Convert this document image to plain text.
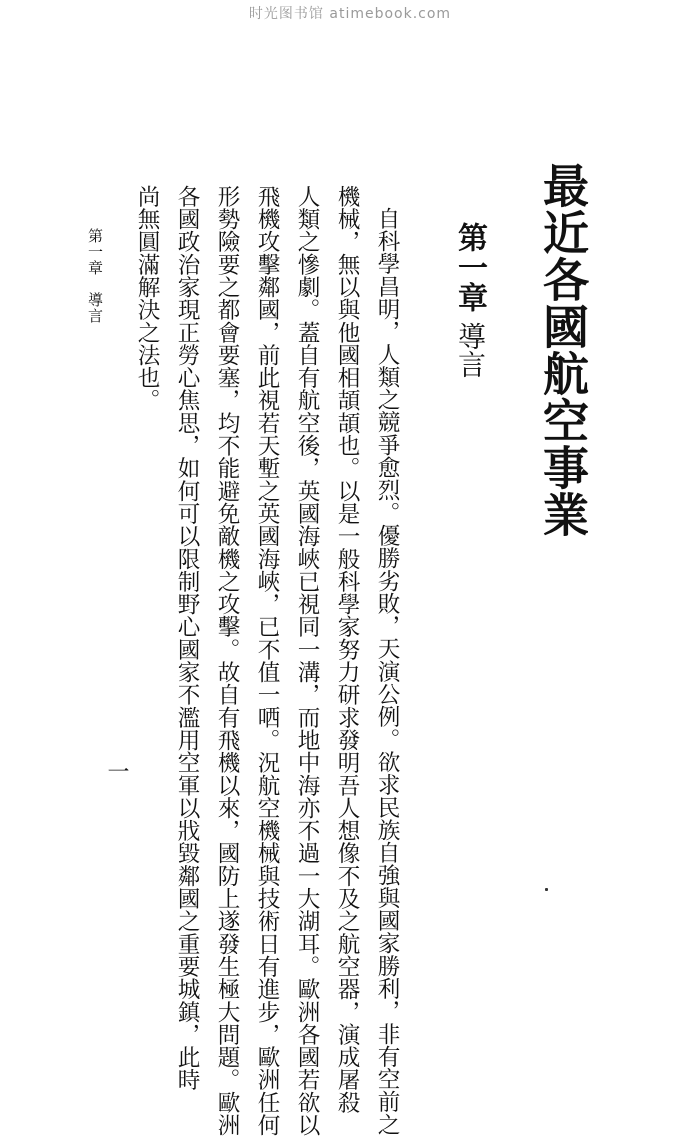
时光图书馆 atimebook.com
最近各國航空事業
第一章
導言
自科學昌明，人類之競爭愈烈。優勝劣敗，天演公例。欲求民族自強與國家勝利，非有空前之
機械，無以與他國相頡頡也。以是一般科學家努力研求發明吾人想像不及之航空器，演成屠殺
人類之慘劇。蓋自有航空後，英國海峽已視同一溝，而地中海亦不過一大湖耳。歐洲各國若欲以
飛機攻擊鄰國，前此視若天塹之英國海峽，已不值一哂。況航空機械與技術日有進步，歐洲任何
形勢險要之都會要塞，均不能避免敵機之攻擊。故自有飛機以來，國防上遂發生極大問題。歐洲
各國政治家現正勞心焦思，如何可以限制野心國家不濫用空軍以戕毀鄰國之重要城鎮，此時
尚無圓滿解決之法也。
第一章　導言
一
